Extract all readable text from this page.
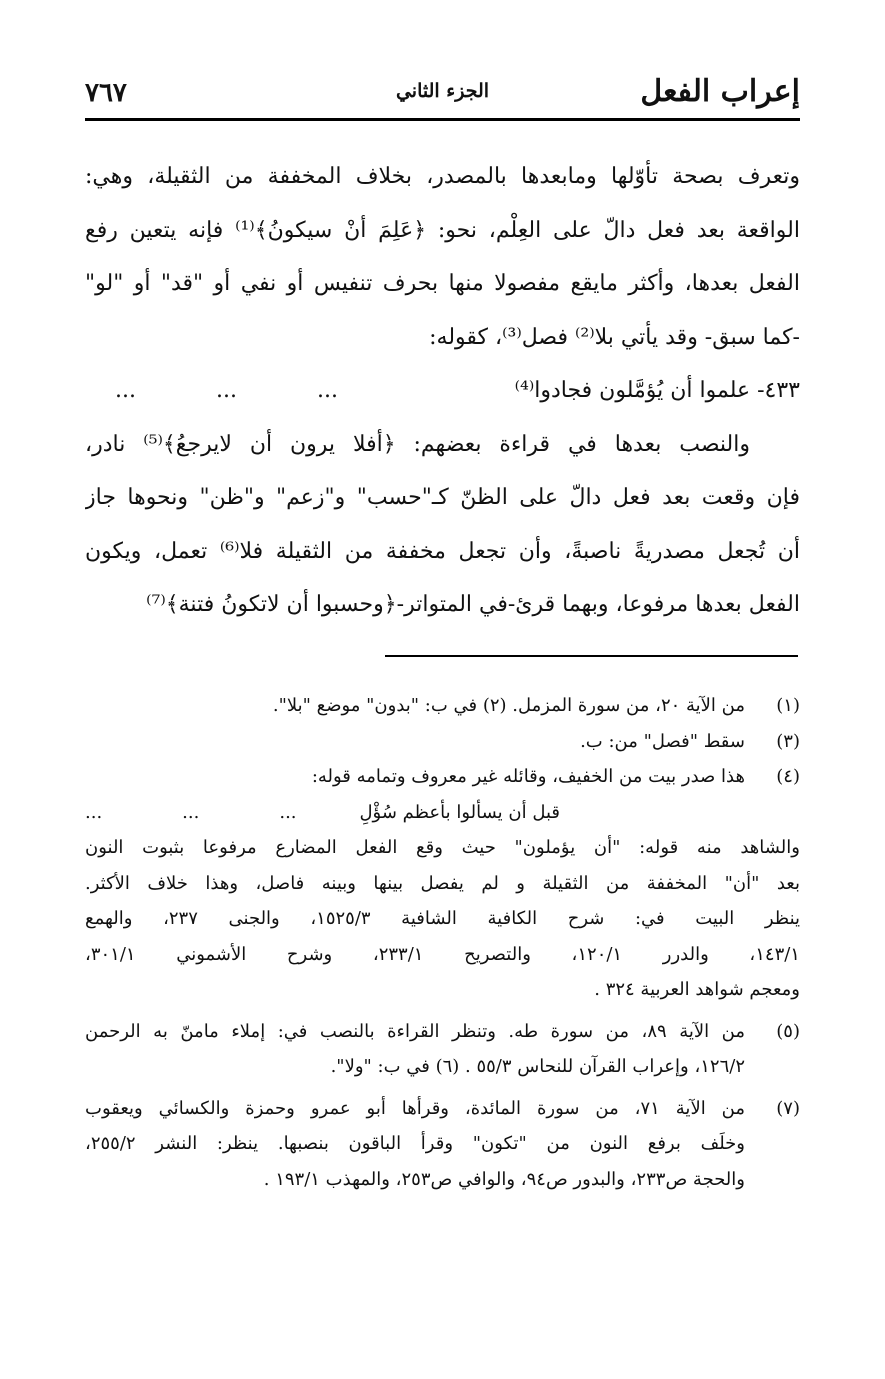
إعراب الفعل
الجزء الثاني
٧٦٧
وتعرف بصحة تأوّلها ومابعدها بالمصدر، بخلاف المخففة من الثقيلة، وهي:
الواقعة بعد فعل دالّ على العِلْم، نحو: ﴿عَلِمَ أنْ سيكونُ﴾⁽¹⁾ فإنه يتعين رفع
الفعل بعدها، وأكثر مايقع مفصولا منها بحرف تنفيس أو نفي أو "قد" أو "لو"
-كما سبق- وقد يأتي بلا⁽²⁾ فصل⁽³⁾، كقوله:
٤٣٣- علموا أن يُؤمَّلون فجادوا⁽⁴⁾
...
...
...
والنصب بعدها في قراءة بعضهم: ﴿أفلا يرون أن لايرجعُ﴾⁽⁵⁾ نادر،
فإن وقعت بعد فعل دالّ على الظنّ كـ"حسب" و"زعم" و"ظن" ونحوها جاز
أن تُجعل مصدريةً ناصبةً، وأن تجعل مخففة من الثقيلة فلا⁽⁶⁾ تعمل، ويكون
الفعل بعدها مرفوعا، وبهما قرئ-في المتواتر-﴿وحسبوا أن لاتكونُ فتنة﴾⁽⁷⁾
(١)
من الآية ٢٠، من سورة المزمل. (٢) في ب: "بدون" موضع "بلا".
(٣)
سقط "فصل" من: ب.
(٤)
هذا صدر بيت من الخفيف، وقائله غير معروف وتمامه قوله:
قبل أن يسألوا بأعظم سُؤْلِ
...
...
...
والشاهد منه قوله: "أن يؤملون" حيث وقع الفعل المضارع مرفوعا بثبوت النون
بعد "أن" المخففة من الثقيلة و لم يفصل بينها وبينه فاصل، وهذا خلاف الأكثر.
ينظر البيت في: شرح الكافية الشافية ١٥٢٥/٣، والجنى ٢٣٧، والهمع
١٤٣/١، والدرر ١٢٠/١، والتصريح ٢٣٣/١، وشرح الأشموني ٣٠١/١،
ومعجم شواهد العربية ٣٢٤ .
(٥)
من الآية ٨٩، من سورة طه. وتنظر القراءة بالنصب في: إملاء مامنّ به الرحمن
١٢٦/٢، وإعراب القرآن للنحاس ٥٥/٣ . (٦) في ب: "ولا".
(٧)
من الآية ٧١، من سورة المائدة، وقرأها أبو عمرو وحمزة والكسائي ويعقوب
وخلَف برفع النون من "تكون" وقرأ الباقون بنصبها. ينظر: النشر ٢٥٥/٢،
والحجة ص٢٣٣، والبدور ص٩٤، والوافي ص٢٥٣، والمهذب ١٩٣/١ .
